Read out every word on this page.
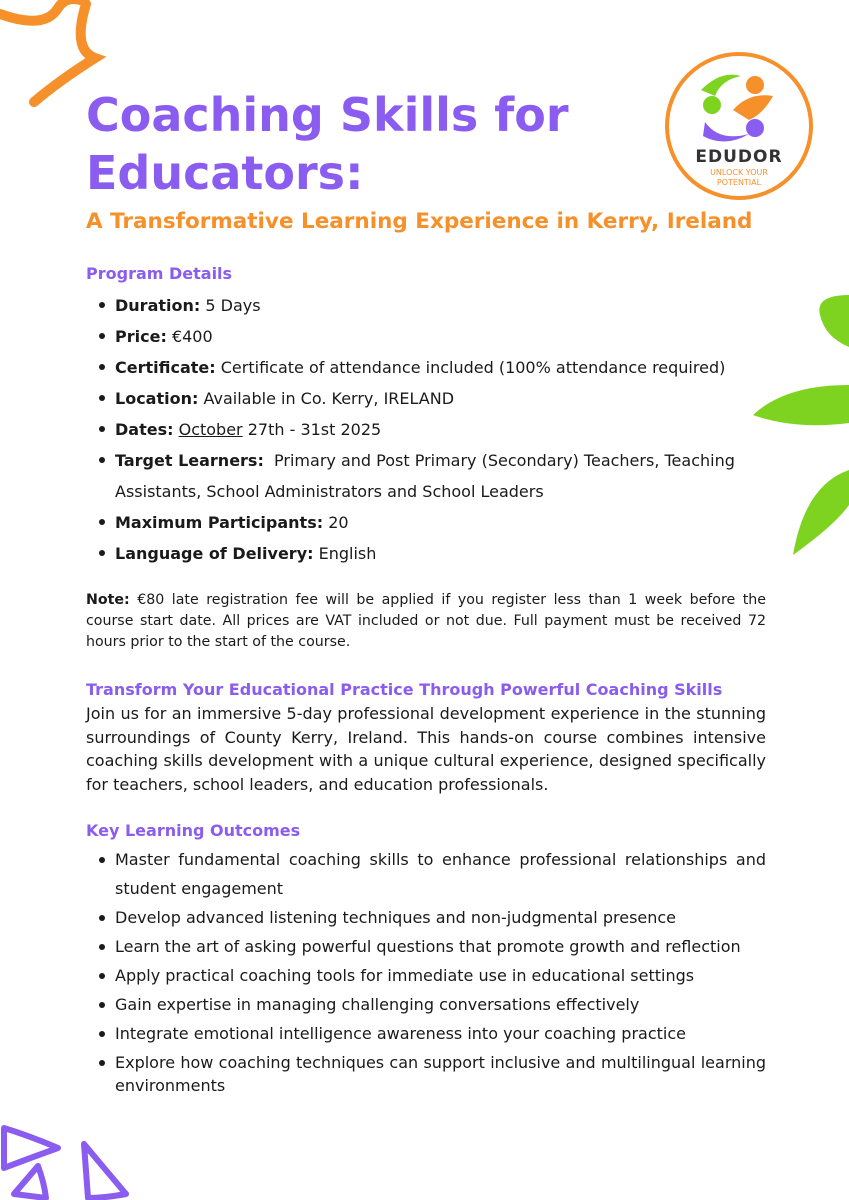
EDUDOR
UNLOCK YOUR
POTENTIAL
Coaching Skills for Educators:
A Transformative Learning Experience in Kerry, Ireland
Program Details
Duration: 5 Days
Price: €400
Certificate: Certificate of attendance included (100% attendance required)
Location: Available in Co. Kerry, IRELAND
Dates: October 27th - 31st 2025
Target Learners: Primary and Post Primary (Secondary) Teachers, Teaching Assistants, School Administrators and School Leaders
Maximum Participants: 20
Language of Delivery: English

Note: €80 late registration fee will be applied if you register less than 1 week before the course start date. All prices are VAT included or not due. Full payment must be received 72 hours prior to the start of the course.

Transform Your Educational Practice Through Powerful Coaching Skills

Join us for an immersive 5-day professional development experience in the stunning surroundings of County Kerry, Ireland. This hands-on course combines intensive coaching skills development with a unique cultural experience, designed specifically for teachers, school leaders, and education professionals.

Key Learning Outcomes
Master fundamental coaching skills to enhance professional relationships and student engagement
Develop advanced listening techniques and non-judgmental presence
Learn the art of asking powerful questions that promote growth and reflection
Apply practical coaching tools for immediate use in educational settings
Gain expertise in managing challenging conversations effectively
Integrate emotional intelligence awareness into your coaching practice
Explore how coaching techniques can support inclusive and multilingual learning environments
